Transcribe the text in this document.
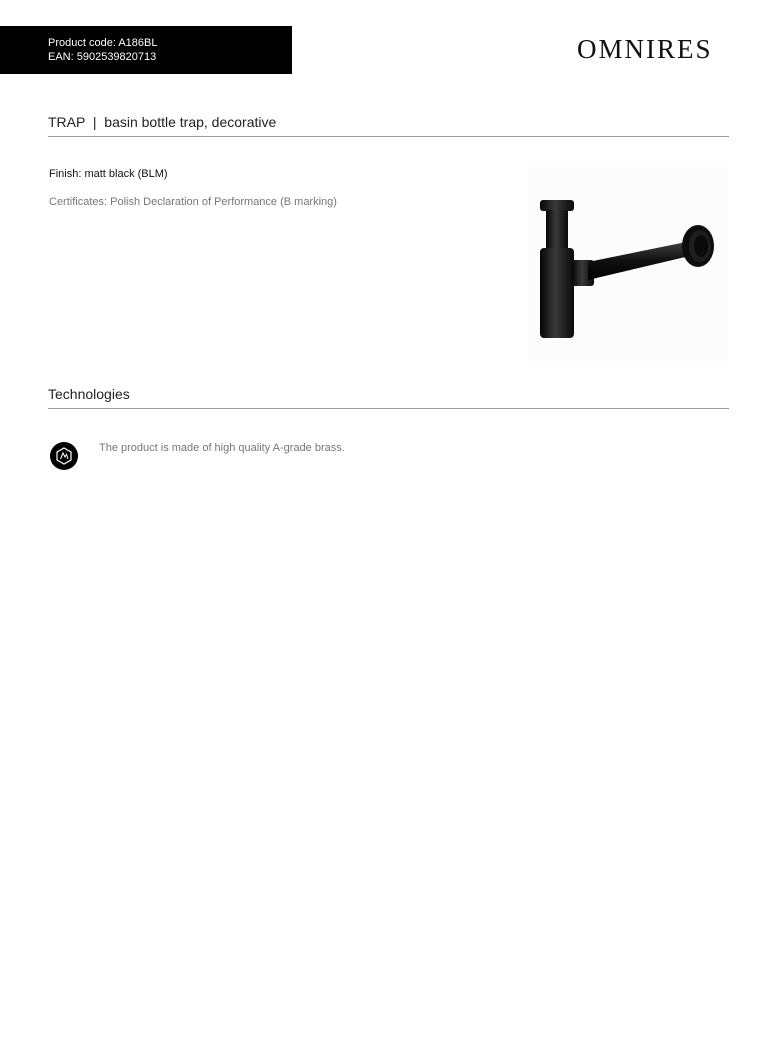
Product code: A186BL
EAN: 5902539820713	OMNIRES
TRAP  |  basin bottle trap, decorative
Finish: matt black (BLM)
Certificates: Polish Declaration of Performance (B marking)
Technologies
The product is made of high quality A-grade brass.
